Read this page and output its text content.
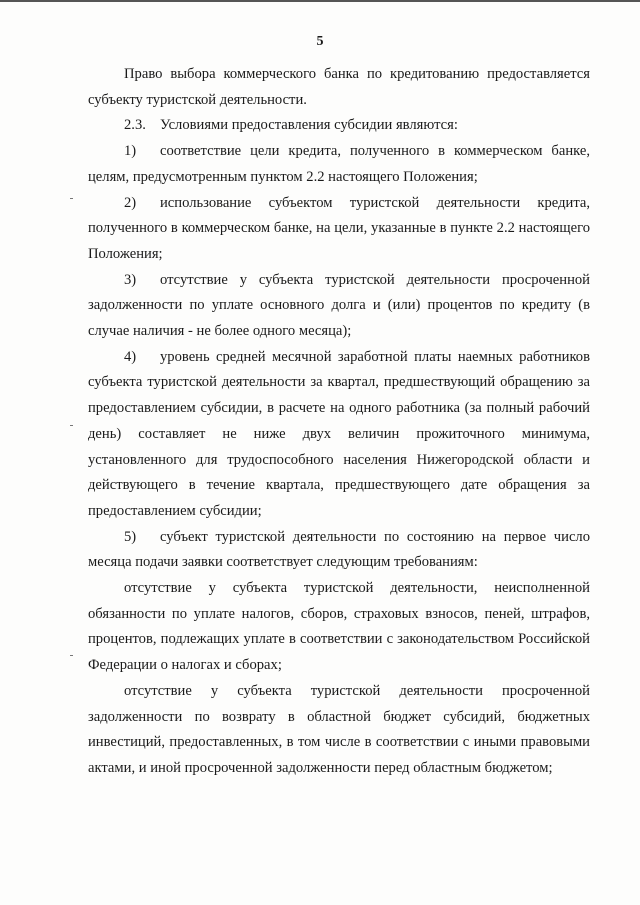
5

Право выбора коммерческого банка по кредитованию предоставляется субъекту туристской деятельности.

2.3. Условиями предоставления субсидии являются:

1) соответствие цели кредита, полученного в коммерческом банке, целям, предусмотренным пунктом 2.2 настоящего Положения;

2) использование субъектом туристской деятельности кредита, полученного в коммерческом банке, на цели, указанные в пункте 2.2 настоящего Положения;

3) отсутствие у субъекта туристской деятельности просроченной задолженности по уплате основного долга и (или) процентов по кредиту (в случае наличия - не более одного месяца);

4) уровень средней месячной заработной платы наемных работников субъекта туристской деятельности за квартал, предшествующий обращению за предоставлением субсидии, в расчете на одного работника (за полный рабочий день) составляет не ниже двух величин прожиточного минимума, установленного для трудоспособного населения Нижегородской области и действующего в течение квартала, предшествующего дате обращения за предоставлением субсидии;

5) субъект туристской деятельности по состоянию на первое число месяца подачи заявки соответствует следующим требованиям:

отсутствие у субъекта туристской деятельности, неисполненной обязанности по уплате налогов, сборов, страховых взносов, пеней, штрафов, процентов, подлежащих уплате в соответствии с законодательством Российской Федерации о налогах и сборах;

отсутствие у субъекта туристской деятельности просроченной задолженности по возврату в областной бюджет субсидий, бюджетных инвестиций, предоставленных, в том числе в соответствии с иными правовыми актами, и иной просроченной задолженности перед областным бюджетом;
